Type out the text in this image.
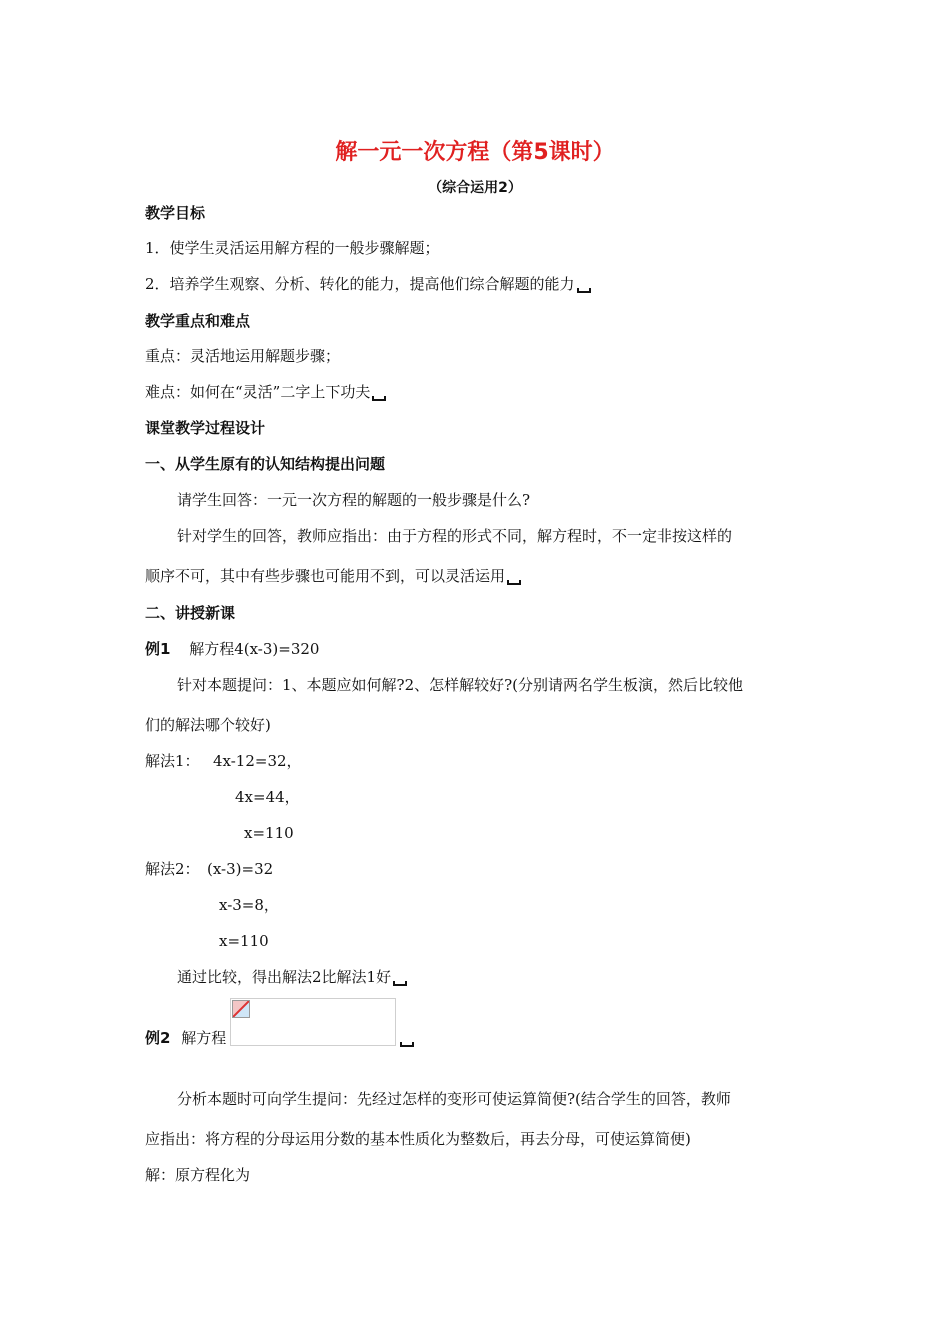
解一元一次方程（第5课时）
（综合运用2）
教学目标
1．使学生灵活运用解方程的一般步骤解题；
2．培养学生观察、分析、转化的能力，提高他们综合解题的能力
教学重点和难点
重点：灵活地运用解题步骤；
难点：如何在“灵活”二字上下功夫
课堂教学过程设计
一、从学生原有的认知结构提出问题
请学生回答：一元一次方程的解题的一般步骤是什么?
针对学生的回答，教师应指出：由于方程的形式不同，解方程时，不一定非按这样的
顺序不可，其中有些步骤也可能用不到，可以灵活运用
二、讲授新课
例1 解方程4(x-3)=320
针对本题提问：1、本题应如何解?2、怎样解较好?(分别请两名学生板演，然后比较他
们的解法哪个较好)
解法1： 4x-12=32，
4x=44，
x=110
解法2： (x-3)=32
x-3=8，
x=110
通过比较，得出解法2比解法1好
例2 解方程
分析本题时可向学生提问：先经过怎样的变形可使运算简便?(结合学生的回答，教师
应指出：将方程的分母运用分数的基本性质化为整数后，再去分母，可使运算简便)
解：原方程化为
